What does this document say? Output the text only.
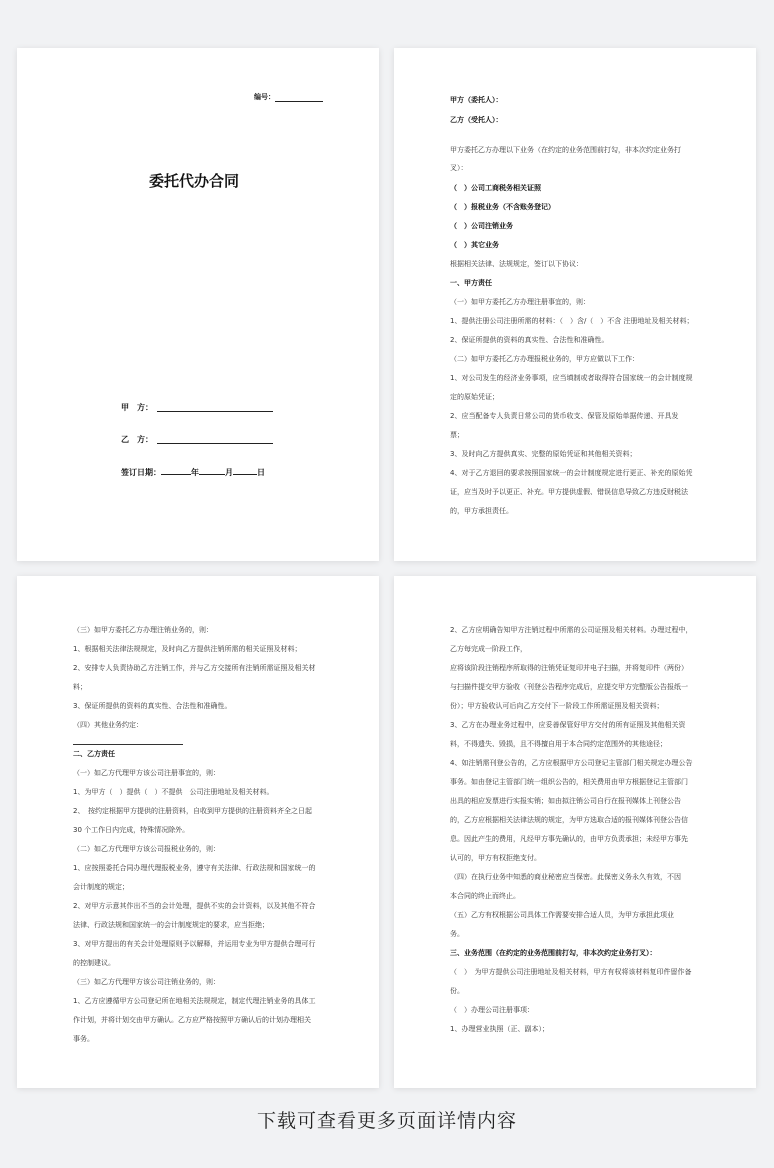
编号：
委托代办合同
甲　方：
乙　方：
签订日期：	年	月	日
甲方（委托人）：
乙方（受托人）：
甲方委托乙方办理以下业务（在约定的业务范围前打勾，非本次约定业务打
叉）：
（　）公司工商税务相关证照
（　）报税业务（不含账务登记）
（　）公司注销业务
（　）其它业务
根据相关法律、法规规定，签订以下协议：
一、甲方责任
（一）如甲方委托乙方办理注册事宜的，则：
1、提供注册公司注册所需的材料：（　）含/（　）不含 注册地址及相关材料；
2、保证所提供的资料的真实性、合法性和准确性。
（二）如甲方委托乙方办理报税业务的，甲方应做以下工作：
1、对公司发生的经济业务事项，应当填制或者取得符合国家统一的会计制度规
定的原始凭证；
2、应当配备专人负责日常公司的货币收支、保管及原始单据传递、开具发
票；
3、及时向乙方提供真实、完整的原始凭证和其他相关资料；
4、对于乙方退回的要求按照国家统一的会计制度规定进行更正、补充的原始凭
证，应当及时予以更正、补充。甲方提供虚假、错误信息导致乙方违反财税法
的，甲方承担责任。
（三）如甲方委托乙方办理注销业务的，则：
1、根据相关法律法规规定，及时向乙方提供注销所需的相关证照及材料；
2、安排专人负责协助乙方注销工作，并与乙方交接所有注销所需证照及相关材
料；
3、保证所提供的资料的真实性、合法性和准确性。
（四）其他业务约定：
二、乙方责任
（一）如乙方代理甲方该公司注册事宜的，则：
1、为甲方（　）提供（　）不提供　公司注册地址及相关材料。
2、　按约定根据甲方提供的注册资料，自收到甲方提供的注册资料齐全之日起
30 个工作日内完成，特殊情况除外。
（二）如乙方代理甲方该公司报税业务的，则：
1、应按照委托合同办理代理报税业务，遵守有关法律、行政法规和国家统一的
会计制度的规定；
2、对甲方示意其作出不当的会计处理，提供不实的会计资料，以及其他不符合
法律、行政法规和国家统一的会计制度规定的要求，应当拒绝；
3、对甲方提出的有关会计处理原则予以解释，并运用专业为甲方提供合理可行
的控制建议。
（三）如乙方代理甲方该公司注销业务的，则：
1、乙方应遵循甲方公司登记所在地相关法规规定，制定代理注销业务的具体工
作计划，并将计划交由甲方确认。乙方应严格按照甲方确认后的计划办理相关
事务。
2、乙方应明确告知甲方注销过程中所需的公司证照及相关材料。办理过程中，
乙方每完成一阶段工作，
应将该阶段注销程序所取得的注销凭证复印并电子扫描，并将复印件（两份）
与扫描件提交甲方验收（刊登公告程序完成后，应提交甲方完整版公告报纸一
份）；甲方验收认可后向乙方交付下一阶段工作所需证照及相关资料；
3、乙方在办理业务过程中，应妥善保管好甲方交付的所有证照及其他相关资
料，不得遗失、毁损，且不得擅自用于本合同约定范围外的其他途径；
4、如注销需刊登公告的，乙方应根据甲方公司登记主管部门相关规定办理公告
事务。如由登记主管部门统一组织公告的，相关费用由甲方根据登记主管部门
出具的相应发票进行实报实销；如由拟注销公司自行在报刊媒体上刊登公告
的，乙方应根据相关法律法规的规定，为甲方选取合适的报刊媒体刊登公告信
息。因此产生的费用，凡经甲方事先确认的，由甲方负责承担；未经甲方事先
认可的，甲方有权拒绝支付。
（四）在执行业务中知悉的商业秘密应当保密。此保密义务永久有效，不因
本合同的终止而终止。
（五）乙方有权根据公司具体工作需要安排合适人员，为甲方承担此项业
务。
三、业务范围（在约定的业务范围前打勾，非本次约定业务打叉）：
（　）　为甲方提供公司注册地址及相关材料，甲方有权将该材料复印件留作备
份。
（　）办理公司注册事项：
1、办理营业执照（正、副本）；
下载可查看更多页面详情内容
